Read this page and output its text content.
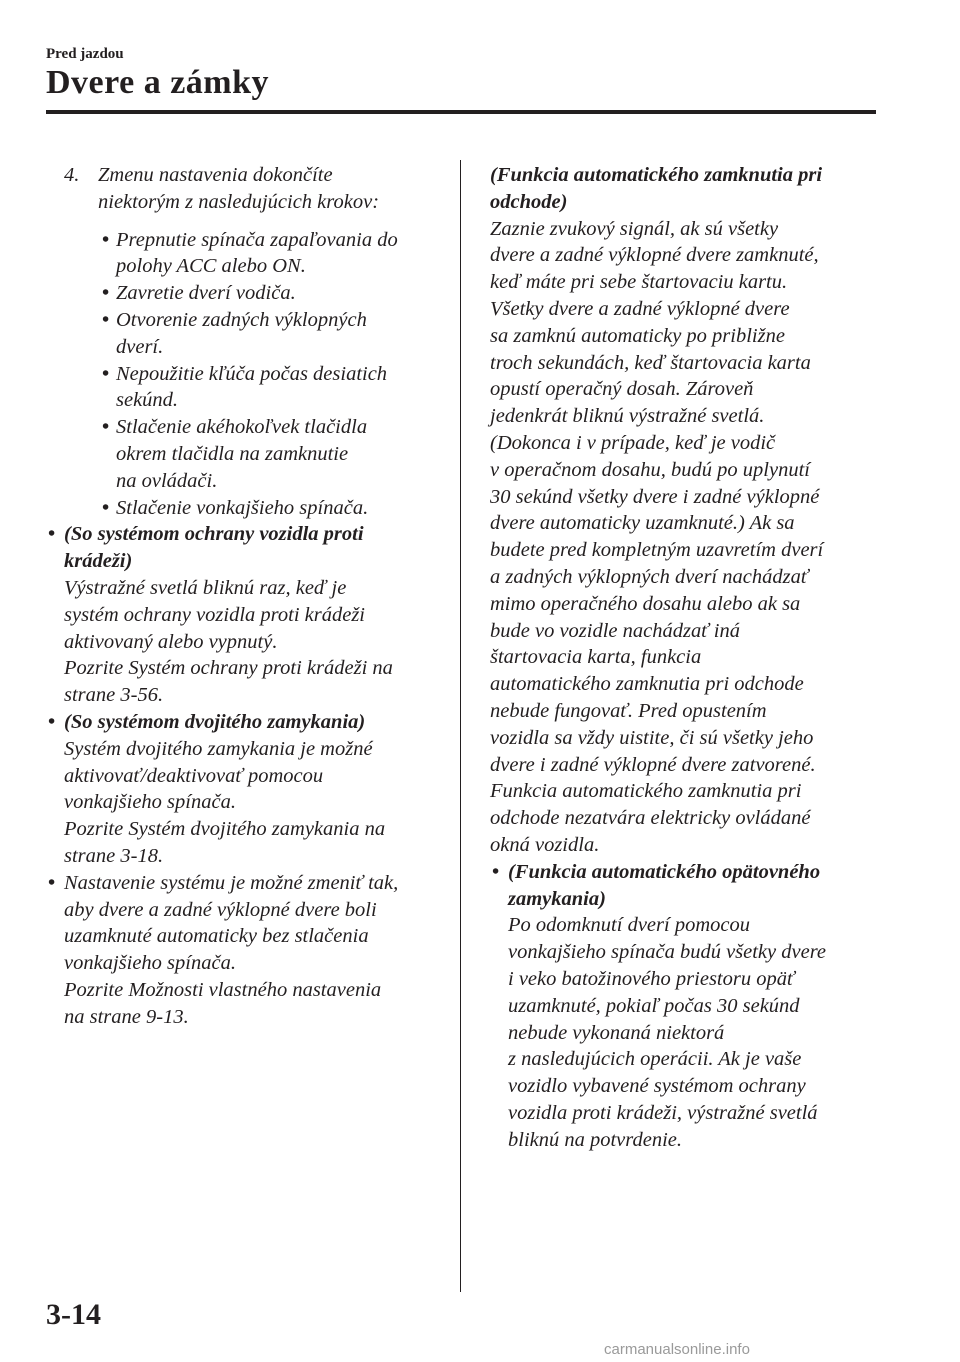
Pred jazdou
Dvere a zámky
4. Zmenu nastavenia dokončíte

niektorým z nasledujúcich krokov:

• Prepnutie spínača zapaľovania do

polohy ACC alebo ON.

• Zavretie dverí vodiča.

• Otvorenie zadných výklopných

dverí.

• Nepoužitie kľúča počas desiatich

sekúnd.

• Stlačenie akéhokoľvek tlačidla

okrem tlačidla na zamknutie

na ovládači.

• Stlačenie vonkajšieho spínača.

• (So systémom ochrany vozidla proti

krádeži)

Výstražné svetlá bliknú raz, keď je

systém ochrany vozidla proti krádeži

aktivovaný alebo vypnutý.

Pozrite Systém ochrany proti krádeži na

strane 3-56.

• (So systémom dvojitého zamykania)

Systém dvojitého zamykania je možné

aktivovať/deaktivovať pomocou

vonkajšieho spínača.

Pozrite Systém dvojitého zamykania na

strane 3-18.

• Nastavenie systému je možné zmeniť tak,

aby dvere a zadné výklopné dvere boli

uzamknuté automaticky bez stlačenia

vonkajšieho spínača.

Pozrite Možnosti vlastného nastavenia

na strane 9-13.

(Funkcia automatického zamknutia pri

odchode)

Zaznie zvukový signál, ak sú všetky

dvere a zadné výklopné dvere zamknuté,

keď máte pri sebe štartovaciu kartu.

Všetky dvere a zadné výklopné dvere

sa zamknú automaticky po približne

troch sekundách, keď štartovacia karta

opustí operačný dosah. Zároveň

jedenkrát bliknú výstražné svetlá.

(Dokonca i v prípade, keď je vodič

v operačnom dosahu, budú po uplynutí

30 sekúnd všetky dvere i zadné výklopné

dvere automaticky uzamknuté.) Ak sa

budete pred kompletným uzavretím dverí

a zadných výklopných dverí nachádzať

mimo operačného dosahu alebo ak sa

bude vo vozidle nachádzať iná

štartovacia karta, funkcia

automatického zamknutia pri odchode

nebude fungovať. Pred opustením

vozidla sa vždy uistite, či sú všetky jeho

dvere i zadné výklopné dvere zatvorené.

Funkcia automatického zamknutia pri

odchode nezatvára elektricky ovládané

okná vozidla.

• (Funkcia automatického opätovného

zamykania)

Po odomknutí dverí pomocou

vonkajšieho spínača budú všetky dvere

i veko batožinového priestoru opäť

uzamknuté, pokiaľ počas 30 sekúnd

nebude vykonaná niektorá

z nasledujúcich operácii. Ak je vaše

vozidlo vybavené systémom ochrany

vozidla proti krádeži, výstražné svetlá

bliknú na potvrdenie.

3-14
carmanualsonline.info
